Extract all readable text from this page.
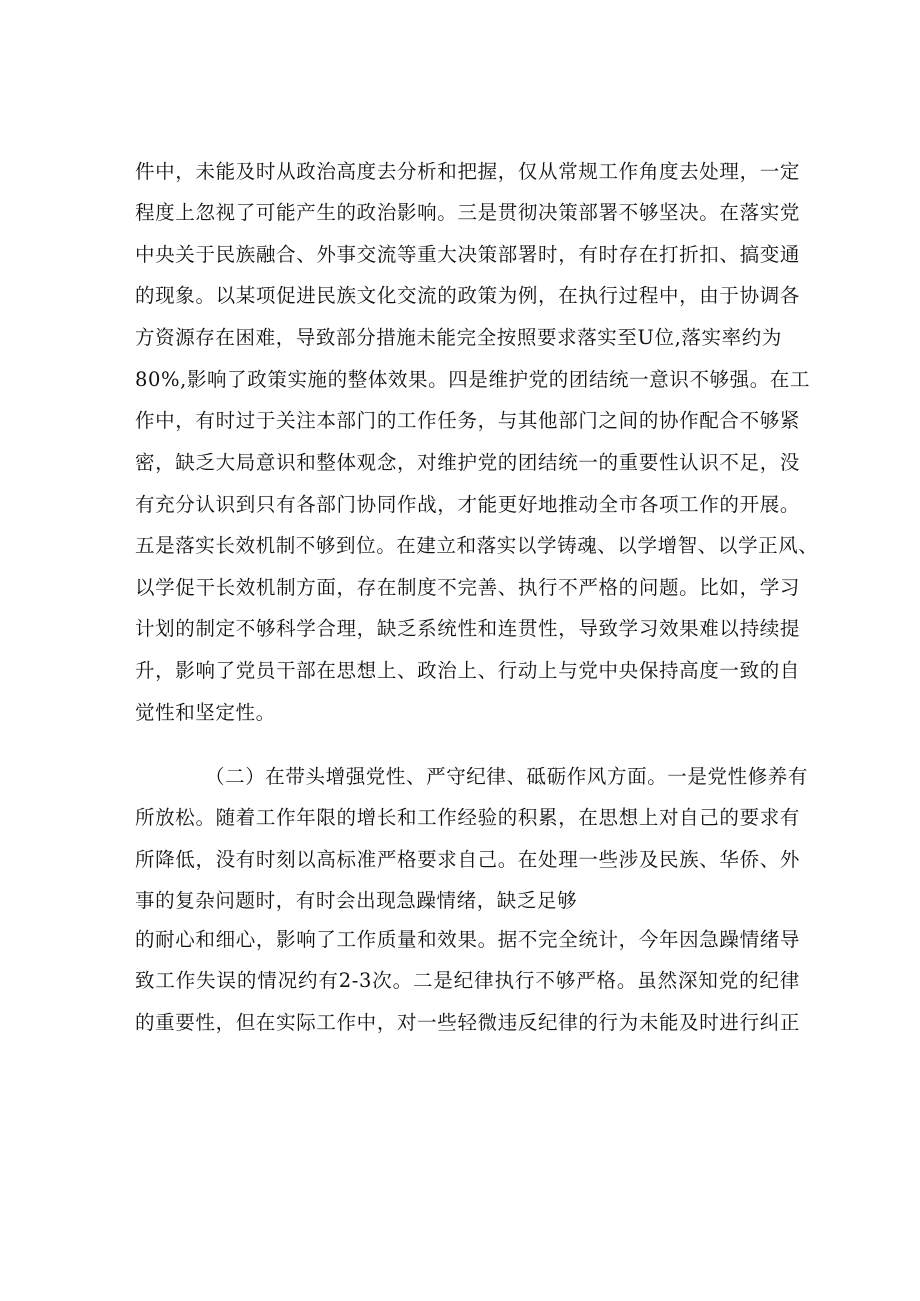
件中，未能及时从政治高度去分析和把握，仅从常规工作角度去处理，一定
程度上忽视了可能产生的政治影响。三是贯彻决策部署不够坚决。在落实党
中央关于民族融合、外事交流等重大决策部署时，有时存在打折扣、搞变通
的现象。以某项促进民族文化交流的政策为例，在执行过程中，由于协调各
方资源存在困难，导致部分措施未能完全按照要求落实至U位,落实率约为
80%,影响了政策实施的整体效果。四是维护党的团结统一意识不够强。在工
作中，有时过于关注本部门的工作任务，与其他部门之间的协作配合不够紧
密，缺乏大局意识和整体观念，对维护党的团结统一的重要性认识不足，没
有充分认识到只有各部门协同作战，才能更好地推动全市各项工作的开展。
五是落实长效机制不够到位。在建立和落实以学铸魂、以学增智、以学正风、
以学促干长效机制方面，存在制度不完善、执行不严格的问题。比如，学习
计划的制定不够科学合理，缺乏系统性和连贯性，导致学习效果难以持续提
升，影响了党员干部在思想上、政治上、行动上与党中央保持高度一致的自
觉性和坚定性。
（二）在带头增强党性、严守纪律、砥砺作风方面。一是党性修养有
所放松。随着工作年限的增长和工作经验的积累，在思想上对自己的要求有
所降低，没有时刻以高标准严格要求自己。在处理一些涉及民族、华侨、外
事的复杂问题时，有时会出现急躁情绪，缺乏足够
的耐心和细心，影响了工作质量和效果。据不完全统计，今年因急躁情绪导
致工作失误的情况约有2-3次。二是纪律执行不够严格。虽然深知党的纪律
的重要性，但在实际工作中，对一些轻微违反纪律的行为未能及时进行纠正
